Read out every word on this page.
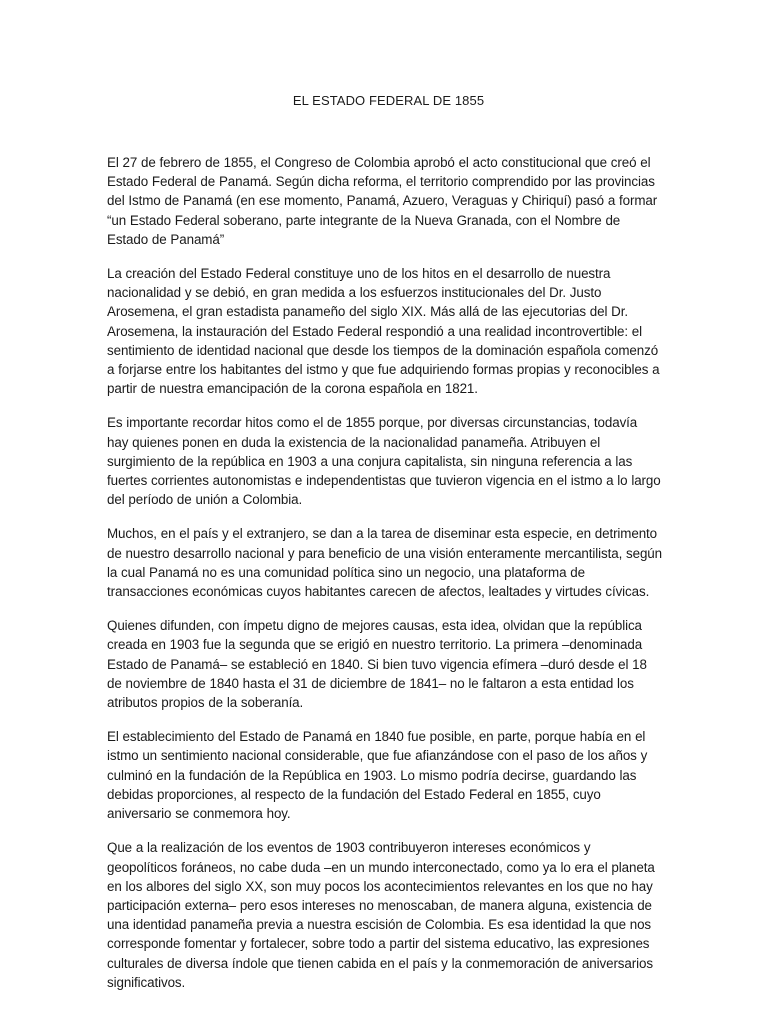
EL ESTADO FEDERAL DE 1855

El 27 de febrero de 1855, el Congreso de Colombia aprobó el acto constitucional que creó el Estado Federal de Panamá. Según dicha reforma, el territorio comprendido por las provincias del Istmo de Panamá (en ese momento, Panamá, Azuero, Veraguas y Chiriquí) pasó a formar “un Estado Federal soberano, parte integrante de la Nueva Granada, con el Nombre de Estado de Panamá”

La creación del Estado Federal constituye uno de los hitos en el desarrollo de nuestra nacionalidad y se debió, en gran medida a los esfuerzos institucionales del Dr. Justo Arosemena, el gran estadista panameño del siglo XIX. Más allá de las ejecutorias del Dr. Arosemena, la instauración del Estado Federal respondió a una realidad incontrovertible: el sentimiento de identidad nacional que desde los tiempos de la dominación española comenzó a forjarse entre los habitantes del istmo y que fue adquiriendo formas propias y reconocibles a partir de nuestra emancipación de la corona española en 1821.

Es importante recordar hitos como el de 1855 porque, por diversas circunstancias, todavía hay quienes ponen en duda la existencia de la nacionalidad panameña. Atribuyen el surgimiento de la república en 1903 a una conjura capitalista, sin ninguna referencia a las fuertes corrientes autonomistas e independentistas que tuvieron vigencia en el istmo a lo largo del período de unión a Colombia.

Muchos, en el país y el extranjero, se dan a la tarea de diseminar esta especie, en detrimento de nuestro desarrollo nacional y para beneficio de una visión enteramente mercantilista, según la cual Panamá no es una comunidad política sino un negocio, una plataforma de transacciones económicas cuyos habitantes carecen de afectos, lealtades y virtudes cívicas.

Quienes difunden, con ímpetu digno de mejores causas, esta idea, olvidan que la república creada en 1903 fue la segunda que se erigió en nuestro territorio. La primera –denominada Estado de Panamá– se estableció en 1840. Si bien tuvo vigencia efímera –duró desde el 18 de noviembre de 1840 hasta el 31 de diciembre de 1841– no le faltaron a esta entidad los atributos propios de la soberanía.

El establecimiento del Estado de Panamá en 1840 fue posible, en parte, porque había en el istmo un sentimiento nacional considerable, que fue afianzándose con el paso de los años y culminó en la fundación de la República en 1903. Lo mismo podría decirse, guardando las debidas proporciones, al respecto de la fundación del Estado Federal en 1855, cuyo aniversario se conmemora hoy.

Que a la realización de los eventos de 1903 contribuyeron intereses económicos y geopolíticos foráneos, no cabe duda –en un mundo interconectado, como ya lo era el planeta en los albores del siglo XX, son muy pocos los acontecimientos relevantes en los que no hay participación externa– pero esos intereses no menoscaban, de manera alguna, existencia de una identidad panameña previa a nuestra escisión de Colombia. Es esa identidad la que nos corresponde fomentar y fortalecer, sobre todo a partir del sistema educativo, las expresiones culturales de diversa índole que tienen cabida en el país y la conmemoración de aniversarios significativos.
